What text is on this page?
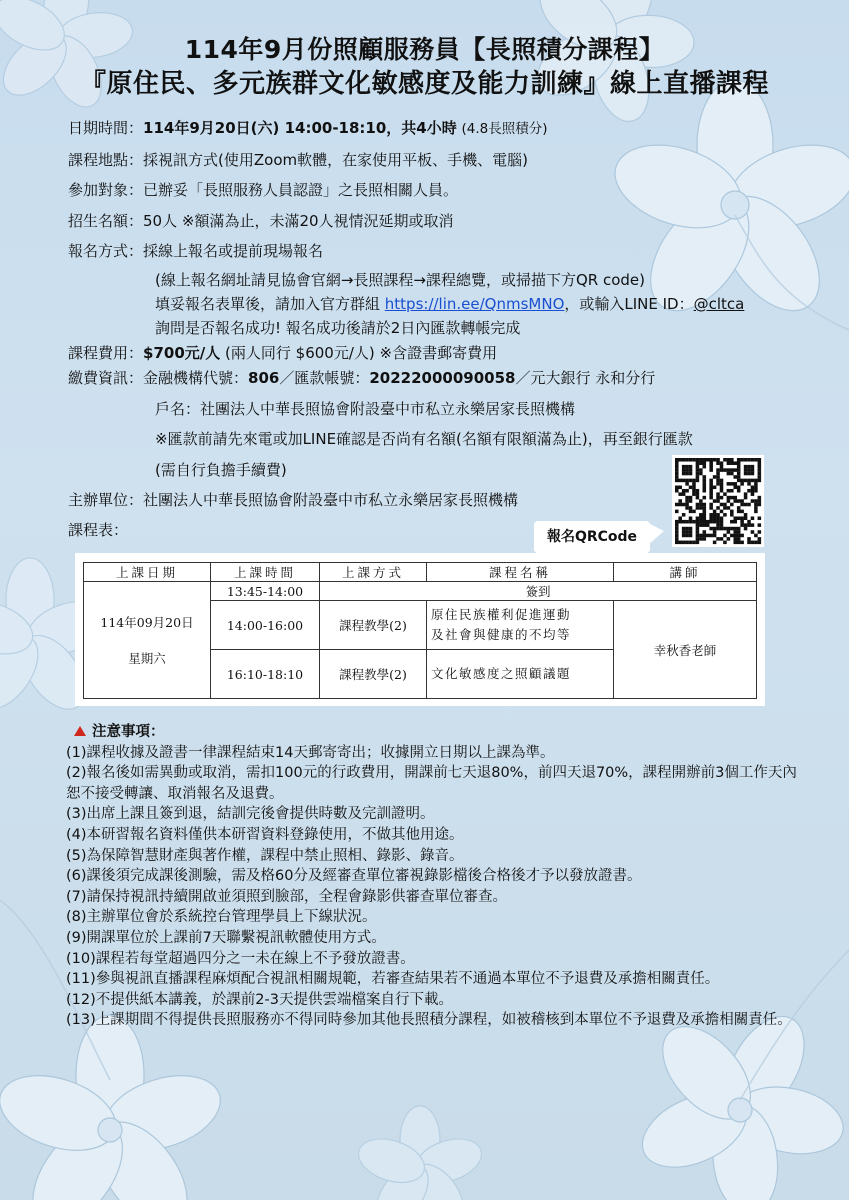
114年9月份照顧服務員【長照積分課程】
『原住民、多元族群文化敏感度及能力訓練』線上直播課程
日期時間：114年9月20日(六) 14:00-18:10，共4小時 (4.8長照積分)
課程地點：採視訊方式(使用Zoom軟體，在家使用平板、手機、電腦)
參加對象：已辦妥「長照服務人員認證」之長照相關人員。
招生名額：50人 ※額滿為止，未滿20人視情況延期或取消
報名方式：採線上報名或提前現場報名
(線上報名網址請見協會官網→長照課程→課程總覽，或掃描下方QR code)
填妥報名表單後，請加入官方群組 https://lin.ee/QnmsMNO，或輸入LINE ID：@cltca
詢問是否報名成功! 報名成功後請於2日內匯款轉帳完成
課程費用：$700元/人 (兩人同行 $600元/人) ※含證書郵寄費用
繳費資訊：金融機構代號：806／匯款帳號：20222000090058／元大銀行 永和分行
戶名：社團法人中華長照協會附設臺中市私立永樂居家長照機構
※匯款前請先來電或加LINE確認是否尚有名額(名額有限額滿為止)，再至銀行匯款
(需自行負擔手續費)
主辦單位：社團法人中華長照協會附設臺中市私立永樂居家長照機構
課程表：	報名QRCode
上課日期	上課時間	上課方式	課程名稱	講師

114年09月20日
星期六	13:45-14:00	簽到		
	14:00-16:00	課程教學(2)	原住民族權利促進運動
及社會與健康的不均等	幸秋香老師
	16:10-18:10	課程教學(2)	文化敏感度之照顧議題	
注意事項：
(1)課程收據及證書一律課程結束14天郵寄寄出；收據開立日期以上課為準。
(2)報名後如需異動或取消，需扣100元的行政費用，開課前七天退80%，前四天退70%，課程開辦前3個工作天內恕不接受轉讓、取消報名及退費。
(3)出席上課且簽到退，結訓完後會提供時數及完訓證明。
(4)本研習報名資料僅供本研習資料登錄使用，不做其他用途。
(5)為保障智慧財產與著作權，課程中禁止照相、錄影、錄音。
(6)課後須完成課後測驗，需及格60分及經審查單位審視錄影檔後合格後才予以發放證書。
(7)請保持視訊持續開啟並須照到臉部，全程會錄影供審查單位審查。
(8)主辦單位會於系統控台管理學員上下線狀況。
(9)開課單位於上課前7天聯繫視訊軟體使用方式。
(10)課程若每堂超過四分之一未在線上不予發放證書。
(11)參與視訊直播課程麻煩配合視訊相關規範，若審查結果若不通過本單位不予退費及承擔相關責任。
(12)不提供紙本講義，於課前2-3天提供雲端檔案自行下載。
(13)上課期間不得提供長照服務亦不得同時參加其他長照積分課程，如被稽核到本單位不予退費及承擔相關責任。
